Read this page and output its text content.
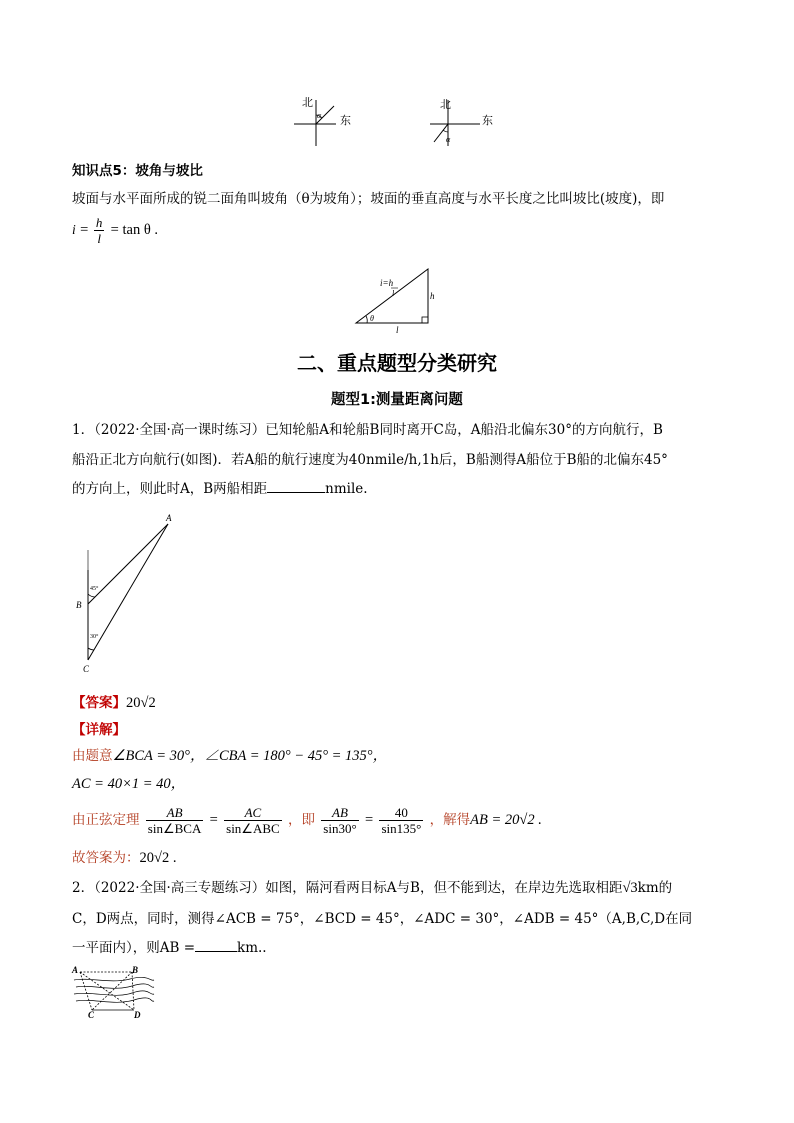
北
东
α
北
东
α
知识点5：坡角与坡比
坡面与水平面所成的锐二面角叫坡角（θ为坡角）；坡面的垂直高度与水平长度之比叫坡比(坡度)，即
$i = \frac{h}{l} = \tan \theta$ .
i=h
l	h
l
θ
二、重点题型分类研究
题型1:测量距离问题
1．（2022·全国·高一课时练习）已知轮船A和轮船B同时离开C岛，A船沿北偏东30°的方向航行，B
船沿正北方向航行(如图)．若A船的航行速度为40nmile/h,1h后，B船测得A船位于B船的北偏东45°
的方向上，则此时A，B两船相距	nmile.
A
B
C
45°
30°
【答案】20√2
【详解】
由题意∠BCA = 30°，∠CBA = 180° − 45° = 135°，
AC = 40×1 = 40，
由正弦定理 $\frac{AB}{\text{sin∠BCA}} = \frac{AC}{\text{sin∠ABC}}$ ，即 $\frac{AB}{\sin 30^\circ} = \frac{40}{\sin 135^\circ}$ ，解得AB = 20√2 .
故答案为：20√2 .
2．（2022·全国·高三专题练习）如图，隔河看两目标A与B，但不能到达，在岸边先选取相距√3km的
C，D两点，同时，测得∠ACB = 75°，∠BCD = 45°，∠ADC = 30°，∠ADB = 45°（A,B,C,D在同
一平面内），则AB =	km..
A	B
C	D
